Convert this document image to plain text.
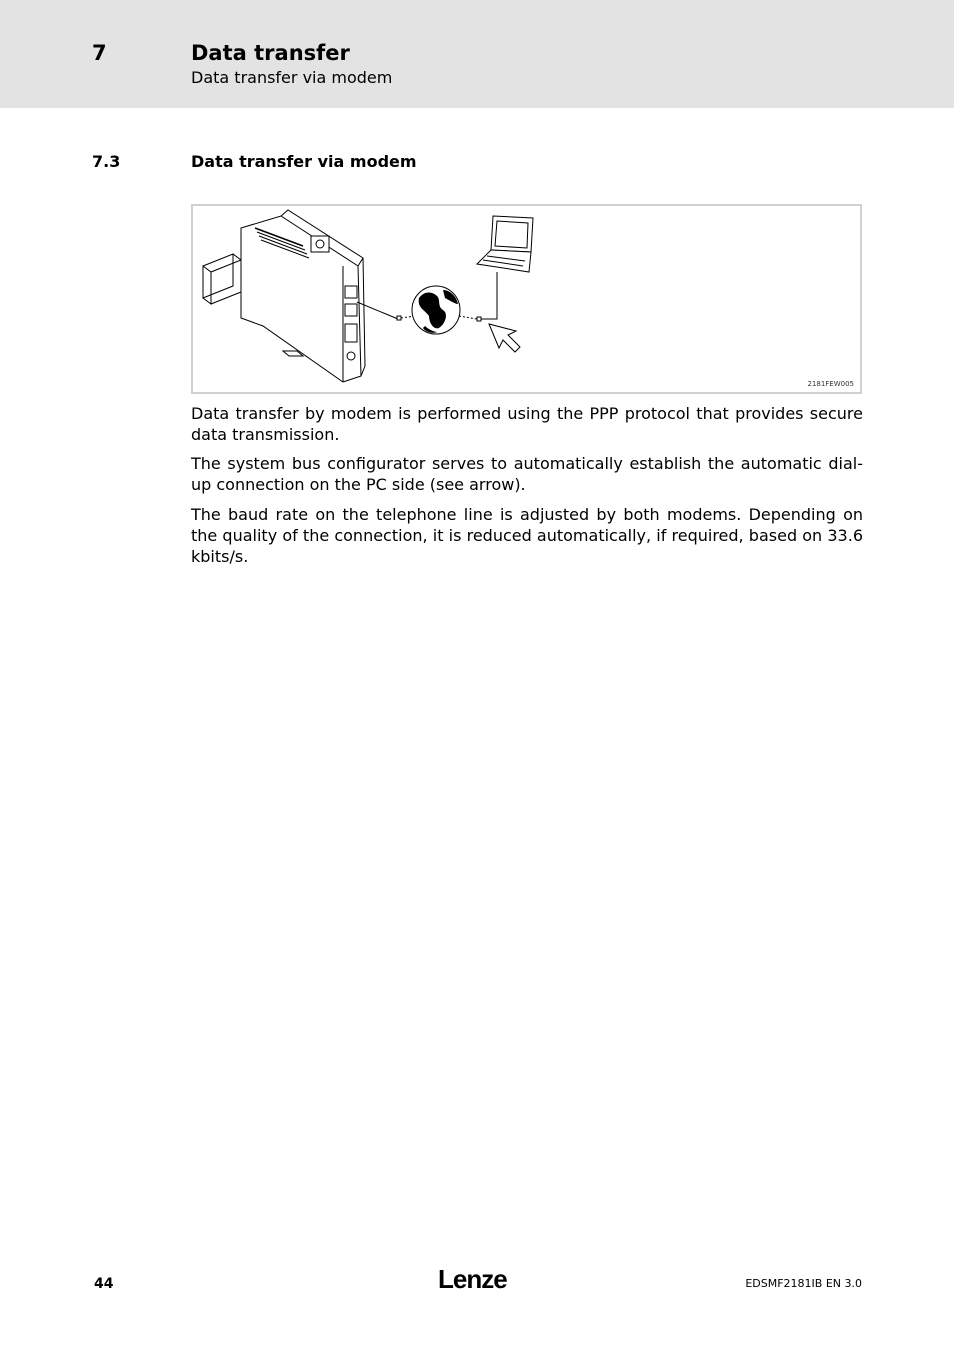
7	Data transfer
Data transfer via modem
7.3	Data transfer via modem
2181FEW005

Data transfer by modem is performed using the PPP protocol that provides secure data transmission.

The system bus configurator serves to automatically establish the automatic dial-up connection on the PC side (see arrow).

The baud rate on the telephone line is adjusted by both modems. Depending on the quality of the connection, it is reduced automatically, if required, based on 33.6 kbits/s.

44	Lenze	EDSMF2181IB EN 3.0
